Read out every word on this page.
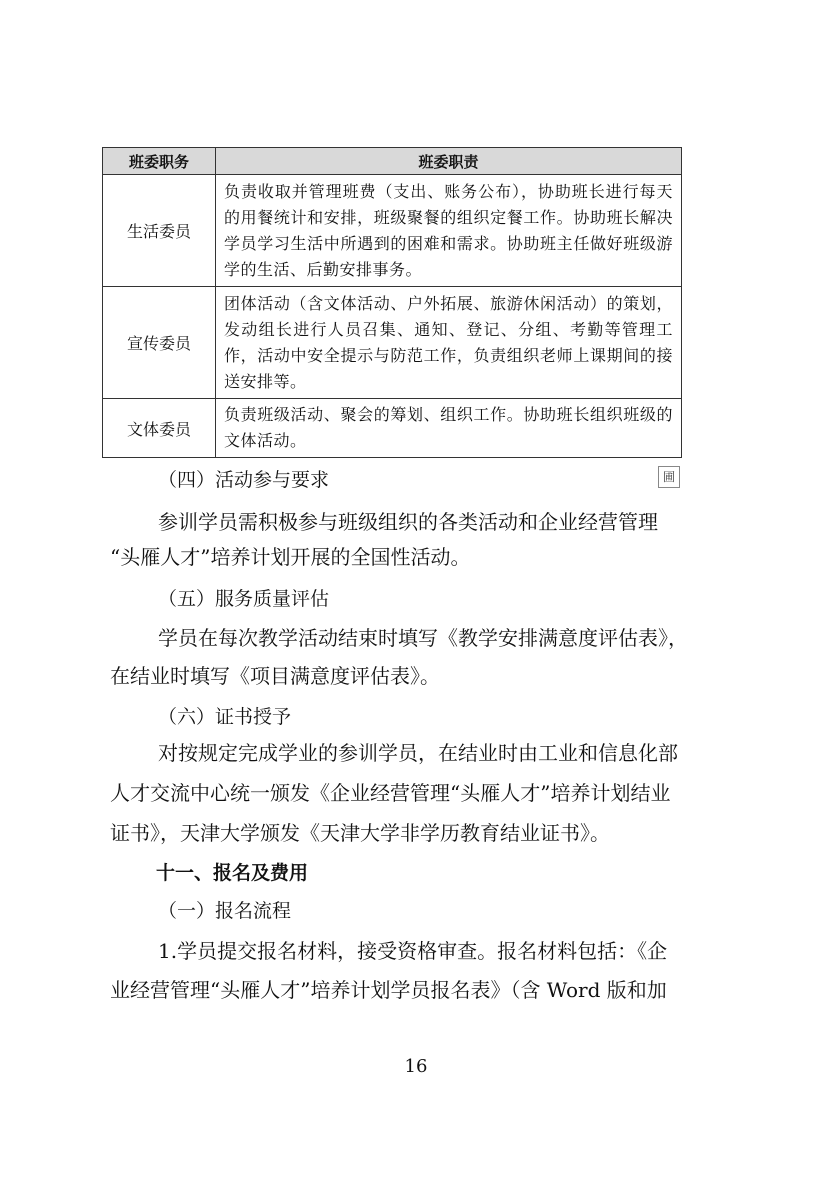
班委职务	班委职责
生活委员	负责收取并管理班费（支出、账务公布），协助班长进行每天的用餐统计和安排，班级聚餐的组织定餐工作。协助班长解决学员学习生活中所遇到的困难和需求。协助班主任做好班级游学的生活、后勤安排事务。
宣传委员	团体活动（含文体活动、户外拓展、旅游休闲活动）的策划，发动组长进行人员召集、通知、登记、分组、考勤等管理工作，活动中安全提示与防范工作，负责组织老师上课期间的接送安排等。
文体委员	负责班级活动、聚会的筹划、组织工作。协助班长组织班级的文体活动。
圃
（四）活动参与要求
参训学员需积极参与班级组织的各类活动和企业经营管理
“头雁人才”培养计划开展的全国性活动。
（五）服务质量评估
学员在每次教学活动结束时填写《教学安排满意度评估表》，
在结业时填写《项目满意度评估表》。
（六）证书授予
对按规定完成学业的参训学员，在结业时由工业和信息化部
人才交流中心统一颁发《企业经营管理“头雁人才”培养计划结业
证书》，天津大学颁发《天津大学非学历教育结业证书》。
十一、报名及费用
（一）报名流程
1.学员提交报名材料，接受资格审查。报名材料包括：《企
业经营管理“头雁人才”培养计划学员报名表》（含 Word 版和加
16
